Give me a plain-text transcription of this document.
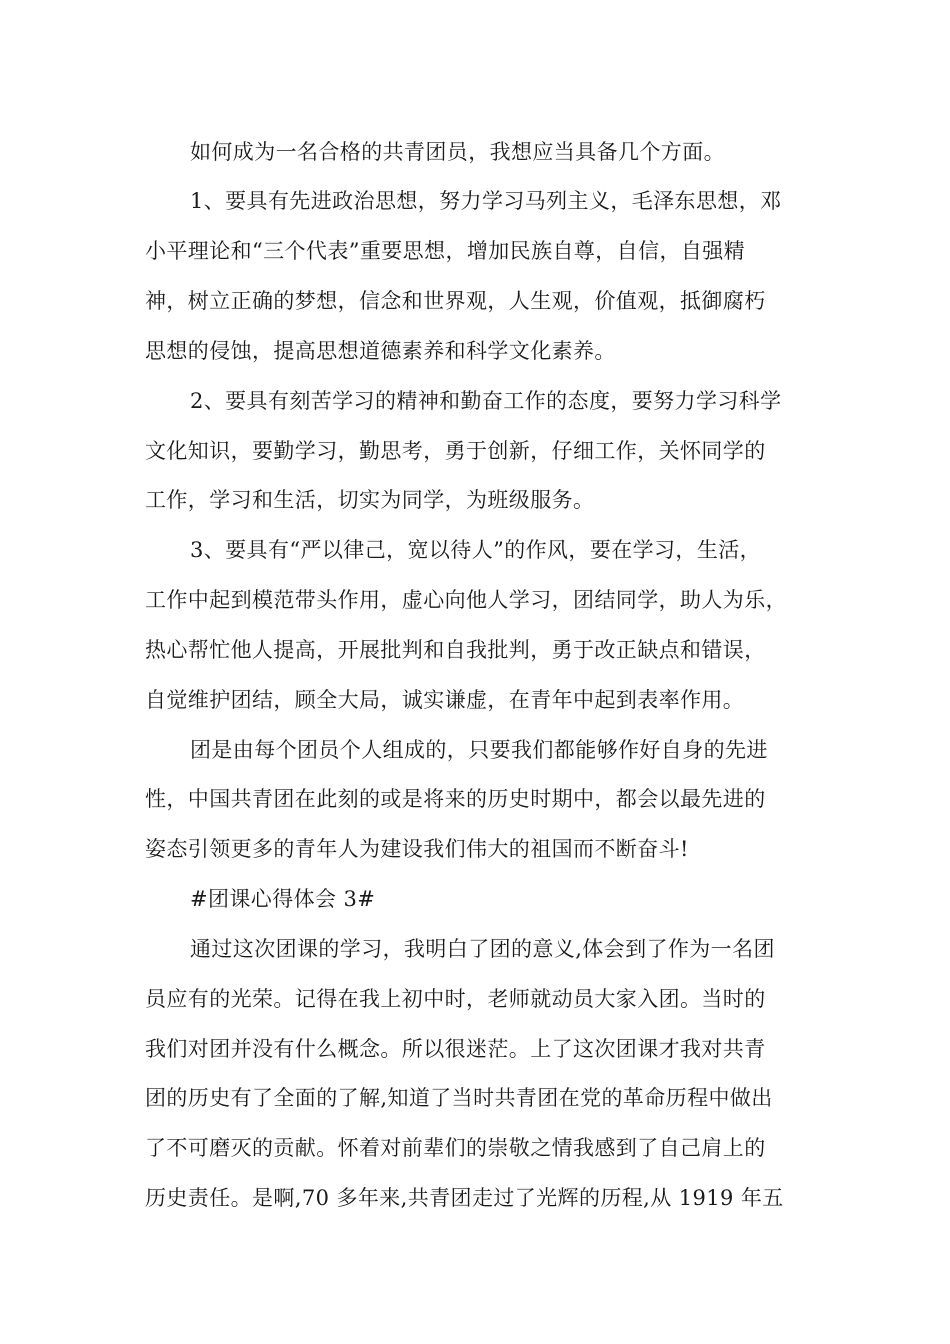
如何成为一名合格的共青团员，我想应当具备几个方面。
1、要具有先进政治思想，努力学习马列主义，毛泽东思想，邓
小平理论和“三个代表”重要思想，增加民族自尊，自信，自强精
神，树立正确的梦想，信念和世界观，人生观，价值观，抵御腐朽
思想的侵蚀，提高思想道德素养和科学文化素养。
2、要具有刻苦学习的精神和勤奋工作的态度，要努力学习科学
文化知识，要勤学习，勤思考，勇于创新，仔细工作，关怀同学的
工作，学习和生活，切实为同学，为班级服务。
3、要具有“严以律己，宽以待人”的作风，要在学习，生活，
工作中起到模范带头作用，虚心向他人学习，团结同学，助人为乐，
热心帮忙他人提高，开展批判和自我批判，勇于改正缺点和错误，
自觉维护团结，顾全大局，诚实谦虚，在青年中起到表率作用。
团是由每个团员个人组成的，只要我们都能够作好自身的先进
性，中国共青团在此刻的或是将来的历史时期中，都会以最先进的
姿态引领更多的青年人为建设我们伟大的祖国而不断奋斗!
#团课心得体会 3#
通过这次团课的学习，我明白了团的意义,体会到了作为一名团
员应有的光荣。记得在我上初中时，老师就动员大家入团。当时的
我们对团并没有什么概念。所以很迷茫。上了这次团课才我对共青
团的历史有了全面的了解,知道了当时共青团在党的革命历程中做出
了不可磨灭的贡献。怀着对前辈们的崇敬之情我感到了自己肩上的
历史责任。是啊,70 多年来,共青团走过了光辉的历程,从 1919 年五
